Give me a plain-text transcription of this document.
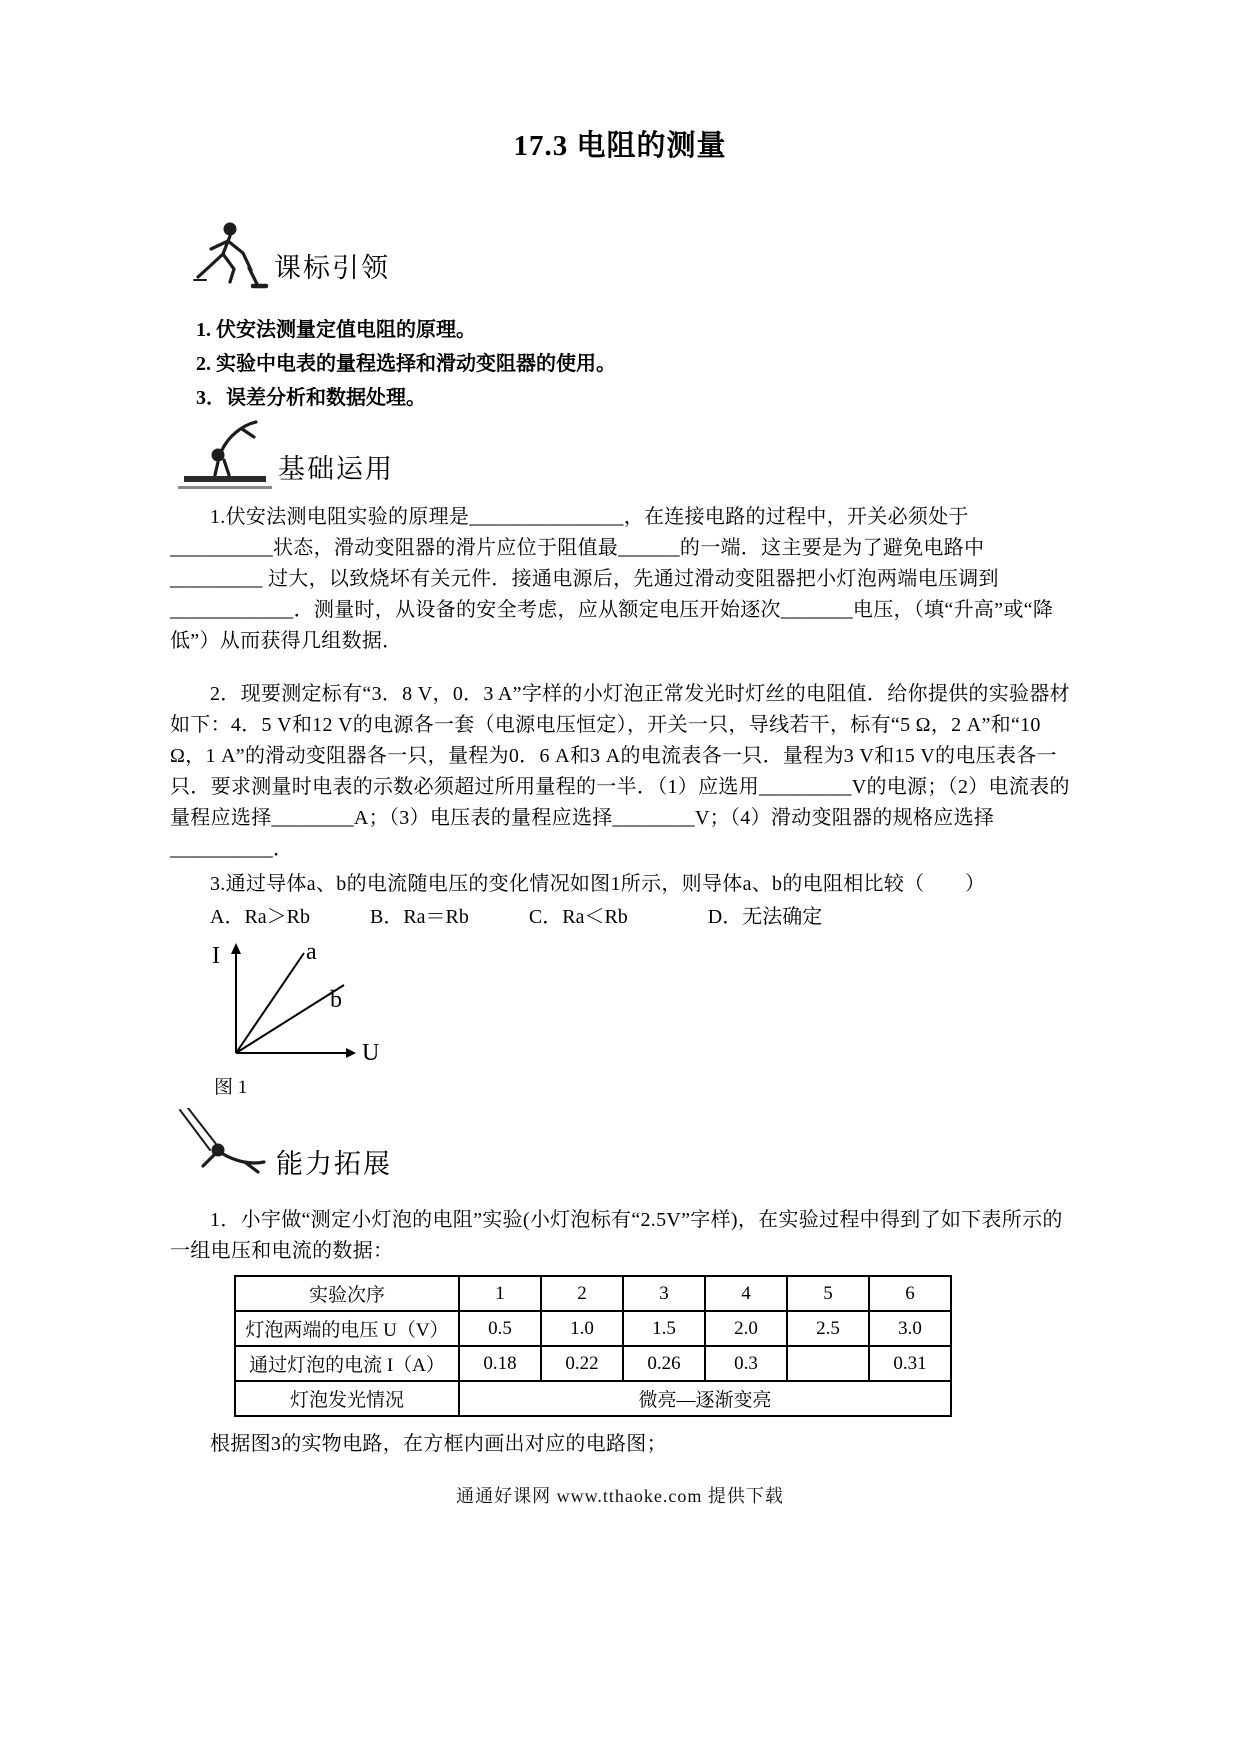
17.3 电阻的测量
课标引领

1. 伏安法测量定值电阻的原理。

2. 实验中电表的量程选择和滑动变阻器的使用。

3．误差分析和数据处理。

基础运用

1.伏安法测电阻实验的原理是_______________，在连接电路的过程中，开关必须处于__________状态，滑动变阻器的滑片应位于阻值最______的一端．这主要是为了避免电路中_________ 过大，以致烧坏有关元件．接通电源后，先通过滑动变阻器把小灯泡两端电压调到____________．测量时，从设备的安全考虑，应从额定电压开始逐次_______电压，（填“升高”或“降低”）从而获得几组数据．

2．现要测定标有“3．8 V，0．3 A”字样的小灯泡正常发光时灯丝的电阻值．给你提供的实验器材如下：4．5 V和12 V的电源各一套（电源电压恒定），开关一只，导线若干，标有“5 Ω，2 A”和“10 Ω，1 A”的滑动变阻器各一只，量程为0．6 A和3 A的电流表各一只．量程为3 V和15 V的电压表各一只．要求测量时电表的示数必须超过所用量程的一半．（1）应选用_________V的电源；（2）电流表的量程应选择________A；（3）电压表的量程应选择________V；（4）滑动变阻器的规格应选择__________．

3.通过导体a、b的电流随电压的变化情况如图1所示，则导体a、b的电阻相比较（　　）

A．Ra＞Rb　　　B．Ra＝Rb　　　C．Ra＜Rb　　　　D．无法确定

I
U
a
b
图 1
能力拓展

1．小宇做“测定小灯泡的电阻”实验(小灯泡标有“2.5V”字样)，在实验过程中得到了如下表所示的一组电压和电流的数据：

实验次序	1	2	3	4	5	6
灯泡两端的电压 U（V）	0.5	1.0	1.5	2.0	2.5	3.0
通过灯泡的电流 I（A）	0.18	0.22	0.26	0.3		0.31
灯泡发光情况	微亮—逐渐变亮					

根据图3的实物电路，在方框内画出对应的电路图；

通通好课网 www.tthaoke.com 提供下载
